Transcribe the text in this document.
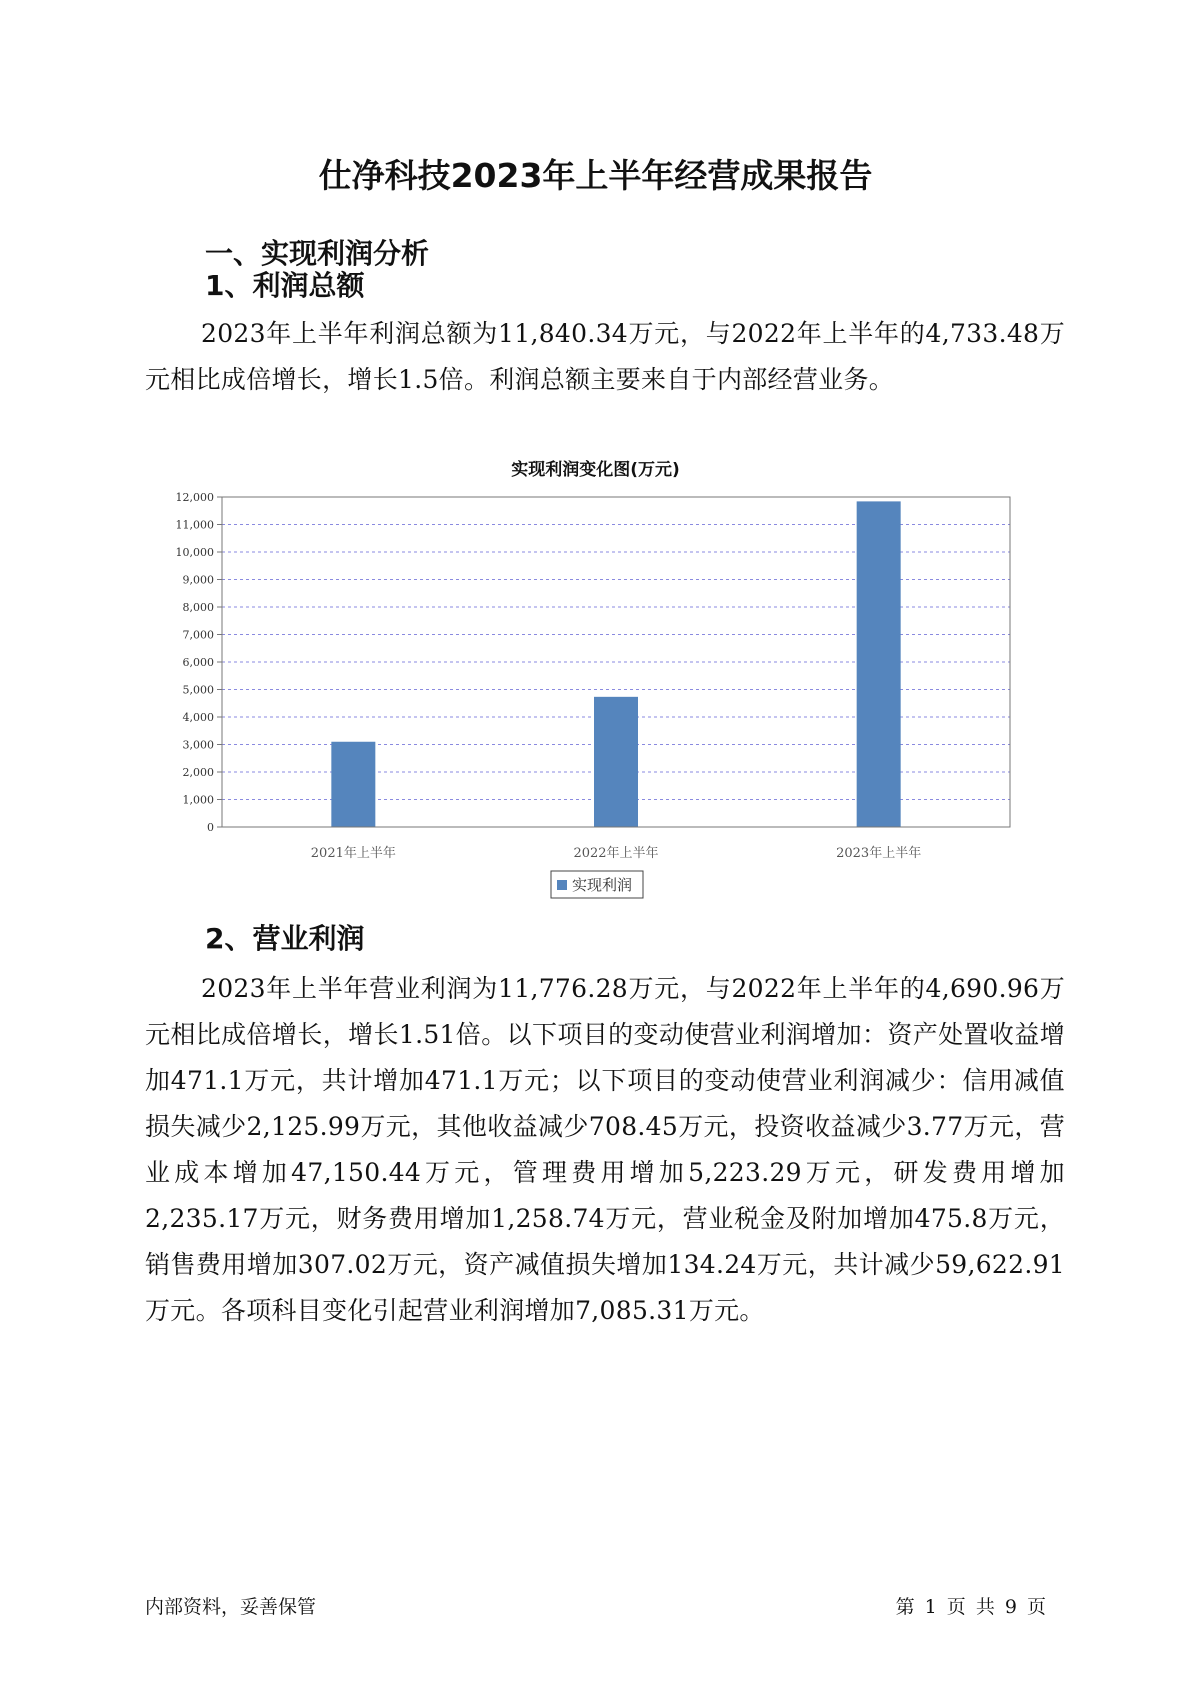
仕净科技2023年上半年经营成果报告
一、实现利润分析
1、利润总额

2023年上半年利润总额为11,840.34万元，与2022年上半年的4,733.48万元相比成倍增长，增长1.5倍。利润总额主要来自于内部经营业务。

实现利润变化图(万元)
0
1,000
2,000
3,000
4,000
5,000
6,000
7,000
8,000
9,000
10,000
11,000
12,000
2021年上半年	2022年上半年	2023年上半年
实现利润
2、营业利润

2023年上半年营业利润为11,776.28万元，与2022年上半年的4,690.96万元相比成倍增长，增长1.51倍。以下项目的变动使营业利润增加：资产处置收益增加471.1万元，共计增加471.1万元；以下项目的变动使营业利润减少：信用减值损失减少2,125.99万元，其他收益减少708.45万元，投资收益减少3.77万元，营业成本增加47,150.44万元，管理费用增加5,223.29万元，研发费用增加2,235.17万元，财务费用增加1,258.74万元，营业税金及附加增加475.8万元，销售费用增加307.02万元，资产减值损失增加134.24万元，共计减少59,622.91万元。各项科目变化引起营业利润增加7,085.31万元。

内部资料，妥善保管	第 1 页 共 9 页
